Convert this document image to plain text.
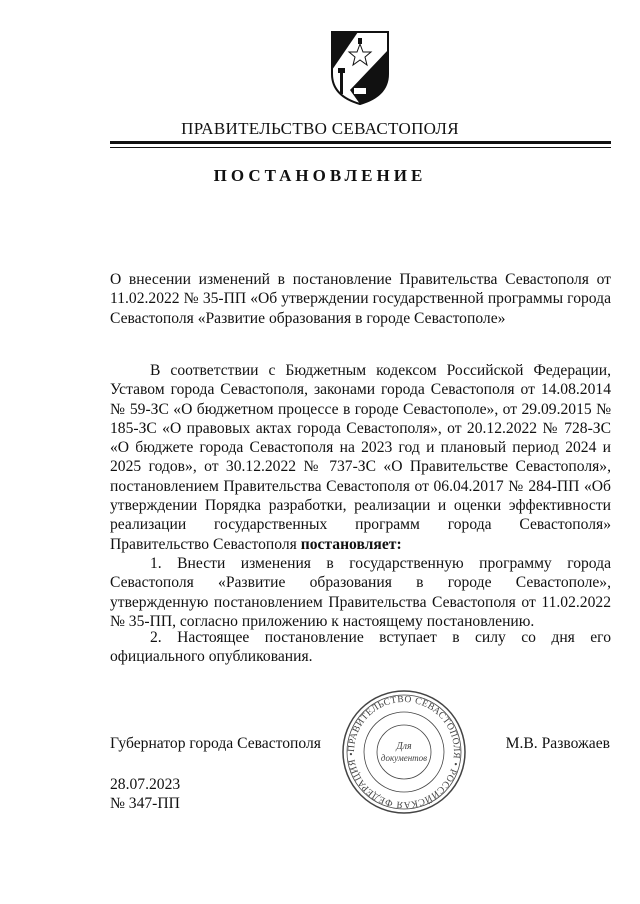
ПРАВИТЕЛЬСТВО СЕВАСТОПОЛЯ
ПОСТАНОВЛЕНИЕ
О внесении изменений в постановление Правительства Севастополя от 11.02.2022 № 35-ПП «Об утверждении государственной программы города Севастополя «Развитие образования в городе Севастополе»
В соответствии с Бюджетным кодексом Российской Федерации, Уставом города Севастополя, законами города Севастополя от 14.08.2014 № 59-ЗС «О бюджетном процессе в городе Севастополе», от 29.09.2015 № 185-ЗС «О правовых актах города Севастополя», от 20.12.2022 № 728-ЗС «О бюджете города Севастополя на 2023 год и плановый период 2024 и 2025 годов», от 30.12.2022 № 737-ЗС «О Правительстве Севастополя», постановлением Правительства Севастополя от 06.04.2017 № 284-ПП «Об утверждении Порядка разработки, реализации и оценки эффективности реализации государственных программ города Севастополя» Правительство Севастополя постановляет:
1. Внести изменения в государственную программу города Севастополя «Развитие образования в городе Севастополе», утвержденную постановлением Правительства Севастополя от 11.02.2022 № 35-ПП, согласно приложению к настоящему постановлению.
2. Настоящее постановление вступает в силу со дня его официального опубликования.
Губернатор города Севастополя	М.В. Развожаев
ПРАВИТЕЛЬСТВО СЕВАСТОПОЛЯ • РОССИЙСКАЯ ФЕДЕРАЦИЯ •
Для
документов
28.07.2023
№ 347-ПП
